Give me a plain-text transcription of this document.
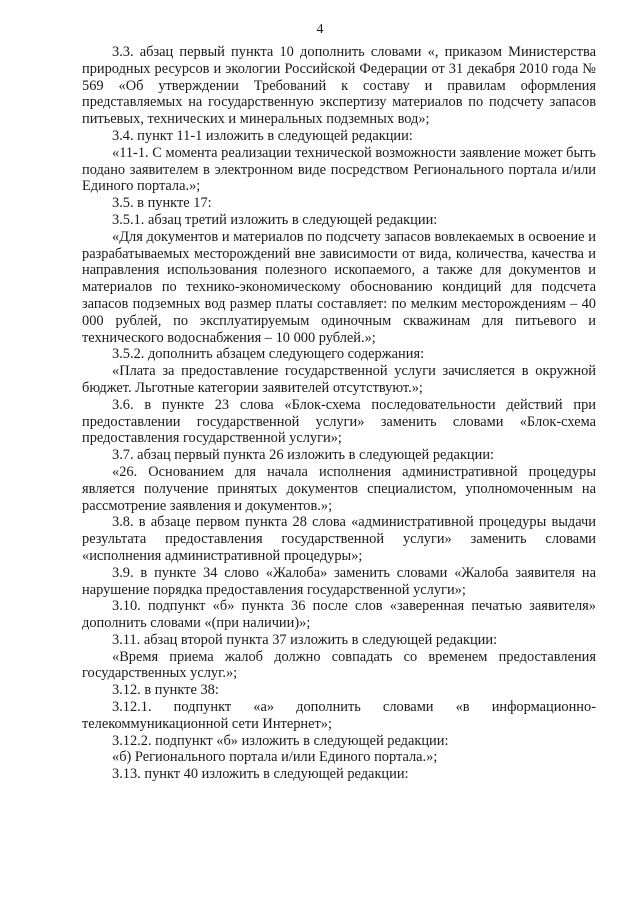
4

3.3. абзац первый пункта 10 дополнить словами «, приказом Министерства природных ресурсов и экологии Российской Федерации от 31 декабря 2010 года № 569 «Об утверждении Требований к составу и правилам оформления представляемых на государственную экспертизу материалов по подсчету запасов питьевых, технических и минеральных подземных вод»;

3.4. пункт 11-1 изложить в следующей редакции:

«11-1. С момента реализации технической возможности заявление может быть подано заявителем в электронном виде посредством Регионального портала и/или Единого портала.»;

3.5. в пункте 17:

3.5.1. абзац третий изложить в следующей редакции:

«Для документов и материалов по подсчету запасов вовлекаемых в освоение и разрабатываемых месторождений вне зависимости от вида, количества, качества и направления использования полезного ископаемого, а также для документов и материалов по технико-экономическому обоснованию кондиций для подсчета запасов подземных вод размер платы составляет: по мелким месторождениям – 40 000 рублей, по эксплуатируемым одиночным скважинам для питьевого и технического водоснабжения – 10 000 рублей.»;

3.5.2. дополнить абзацем следующего содержания:

«Плата за предоставление государственной услуги зачисляется в окружной бюджет. Льготные категории заявителей отсутствуют.»;

3.6. в пункте 23 слова «Блок-схема последовательности действий при предоставлении государственной услуги» заменить словами «Блок-схема предоставления государственной услуги»;

3.7. абзац первый пункта 26 изложить в следующей редакции:

«26. Основанием для начала исполнения административной процедуры является получение принятых документов специалистом, уполномоченным на рассмотрение заявления и документов.»;

3.8. в абзаце первом пункта 28 слова «административной процедуры выдачи результата предоставления государственной услуги» заменить словами «исполнения административной процедуры»;

3.9. в пункте 34 слово «Жалоба» заменить словами «Жалоба заявителя на нарушение порядка предоставления государственной услуги»;

3.10. подпункт «б» пункта 36 после слов «заверенная печатью заявителя» дополнить словами «(при наличии)»;

3.11. абзац второй пункта 37 изложить в следующей редакции:

«Время приема жалоб должно совпадать со временем предоставления государственных услуг.»;

3.12. в пункте 38:

3.12.1. подпункт «а» дополнить словами «в информационно-телекоммуникационной сети Интернет»;

3.12.2. подпункт «б» изложить в следующей редакции:

«б) Регионального портала и/или Единого портала.»;

3.13. пункт 40 изложить в следующей редакции:
